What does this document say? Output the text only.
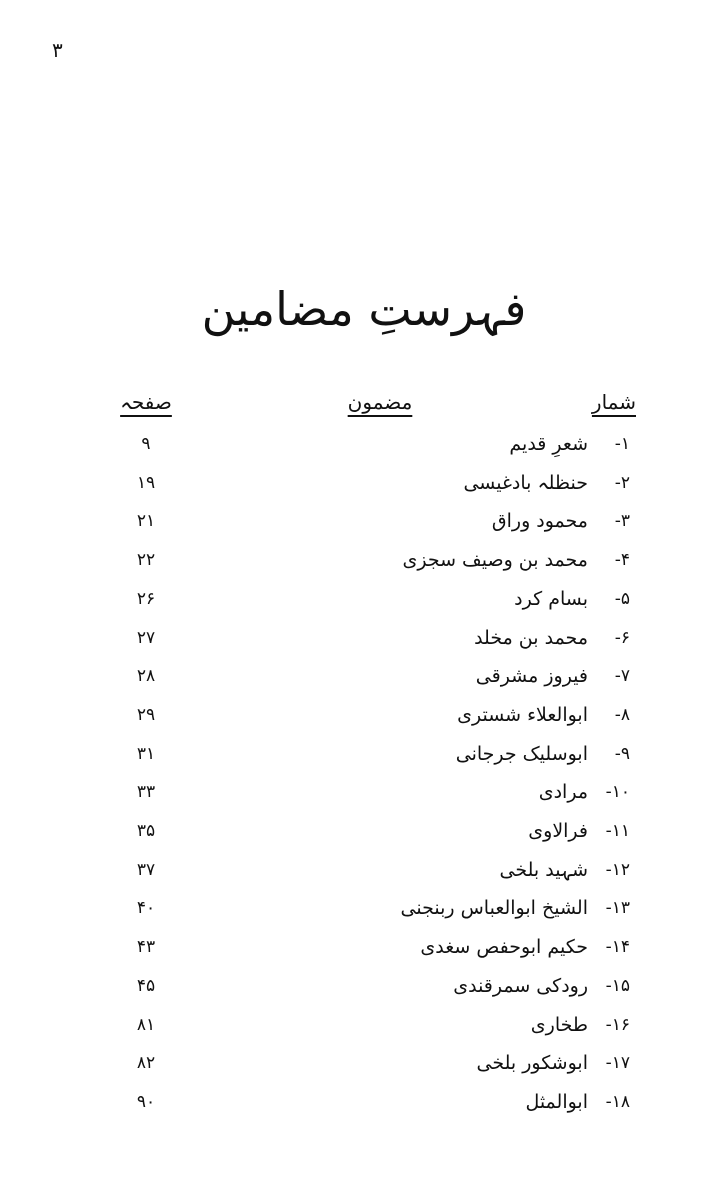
٣
فہرستِ مضامین
شمار
مضمون
صفحہ
۱-
شعرِ قدیم
۹
۲-
حنظلہ بادغیسی
۱۹
۳-
محمود وراق
۲۱
۴-
محمد بن وصیف سجزی
۲۲
۵-
بسام کرد
۲۶
۶-
محمد بن مخلد
۲۷
۷-
فیروز مشرقی
۲۸
۸-
ابوالعلاء شستری
۲۹
۹-
ابوسلیک جرجانی
۳۱
۱۰-
مرادی
۳۳
۱۱-
فرالاوی
۳۵
۱۲-
شہید بلخی
۳۷
۱۳-
الشیخ ابوالعباس ربنجنی
۴۰
۱۴-
حکیم ابوحفص سغدی
۴۳
۱۵-
رودکی سمرقندی
۴۵
۱۶-
طخاری
۸۱
۱۷-
ابوشکور بلخی
۸۲
۱۸-
ابوالمثل
۹۰
